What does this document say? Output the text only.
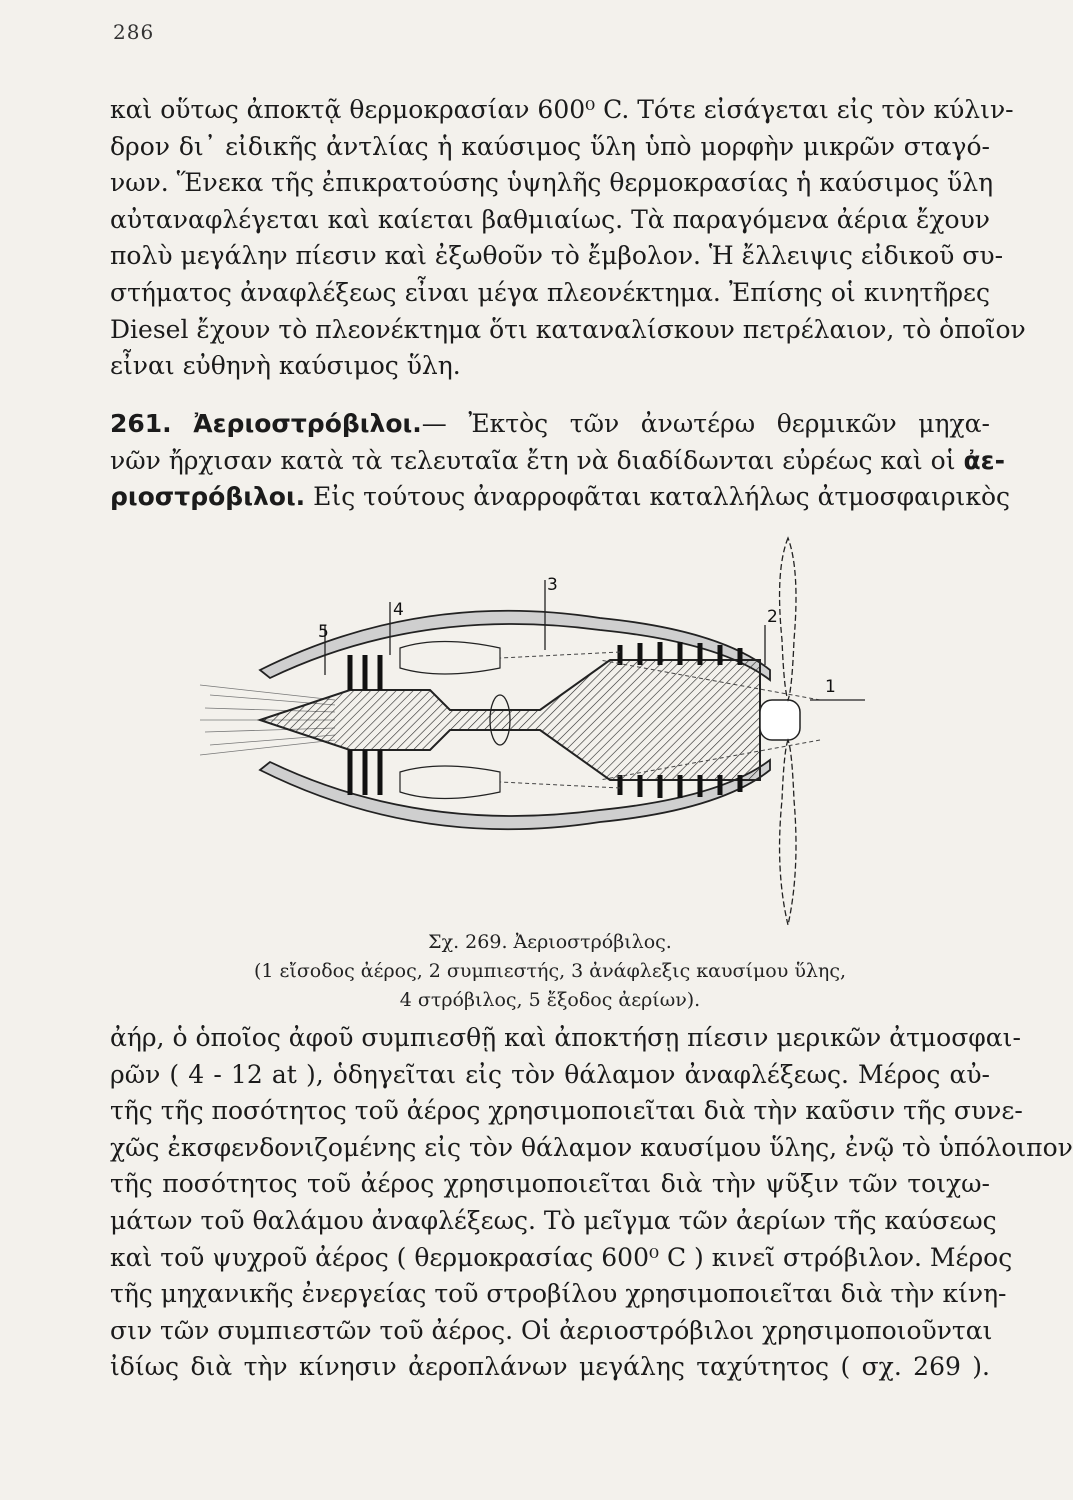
286
καὶ οὕτως ἀποκτᾷ θερμοκρασίαν 600⁰ C. Τότε εἰσάγεται εἰς τὸν κύλιν-
δρον δι᾽ εἰδικῆς ἀντλίας ἡ καύσιμος ὕλη ὑπὸ μορφὴν μικρῶν σταγό-
νων. Ἕνεκα τῆς ἐπικρατούσης ὑψηλῆς θερμοκρασίας ἡ καύσιμος ὕλη
αὐταναφλέγεται καὶ καίεται βαθμιαίως. Τὰ παραγόμενα ἀέρια ἔχουν
πολὺ μεγάλην πίεσιν καὶ ἐξωθοῦν τὸ ἔμβολον. Ἡ ἔλλειψις εἰδικοῦ συ-
στήματος ἀναφλέξεως εἶναι μέγα πλεονέκτημα. Ἐπίσης οἱ κινητῆρες
Diesel ἔχουν τὸ πλεονέκτημα ὅτι καταναλίσκουν πετρέλαιον, τὸ ὁποῖον
εἶναι εὐθηνὴ καύσιμος ὕλη.
261. Ἀεριοστρόβιλοι.— Ἐκτὸς τῶν ἀνωτέρω θερμικῶν μηχα-
νῶν ἤρχισαν κατὰ τὰ τελευταῖα ἔτη νὰ διαδίδωνται εὐρέως καὶ οἱ ἀε-
ριοστρόβιλοι. Εἰς τούτους ἀναρροφᾶται καταλλήλως ἀτμοσφαιρικὸς
1
2
3
4
5
Σχ. 269. Ἀεριοστρόβιλος.
(1 εἴσοδος ἀέρος, 2 συμπιεστής, 3 ἀνάφλεξις καυσίμου ὕλης,
4 στρόβιλος, 5 ἔξοδος ἀερίων).
ἀήρ, ὁ ὁποῖος ἀφοῦ συμπιεσθῇ καὶ ἀποκτήσῃ πίεσιν μερικῶν ἀτμοσφαι-
ρῶν ( 4 - 12 at ), ὁδηγεῖται εἰς τὸν θάλαμον ἀναφλέξεως. Μέρος αὐ-
τῆς τῆς ποσότητος τοῦ ἀέρος χρησιμοποιεῖται διὰ τὴν καῦσιν τῆς συνε-
χῶς ἐκσφενδονιζομένης εἰς τὸν θάλαμον καυσίμου ὕλης, ἐνῷ τὸ ὑπόλοιπον
τῆς ποσότητος τοῦ ἀέρος χρησιμοποιεῖται διὰ τὴν ψῦξιν τῶν τοιχω-
μάτων τοῦ θαλάμου ἀναφλέξεως. Τὸ μεῖγμα τῶν ἀερίων τῆς καύσεως
καὶ τοῦ ψυχροῦ ἀέρος ( θερμοκρασίας 600⁰ C ) κινεῖ στρόβιλον. Μέρος
τῆς μηχανικῆς ἐνεργείας τοῦ στροβίλου χρησιμοποιεῖται διὰ τὴν κίνη-
σιν τῶν συμπιεστῶν τοῦ ἀέρος. Οἱ ἀεριοστρόβιλοι χρησιμοποιοῦνται
ἰδίως διὰ τὴν κίνησιν ἀεροπλάνων μεγάλης ταχύτητος ( σχ. 269 ).
